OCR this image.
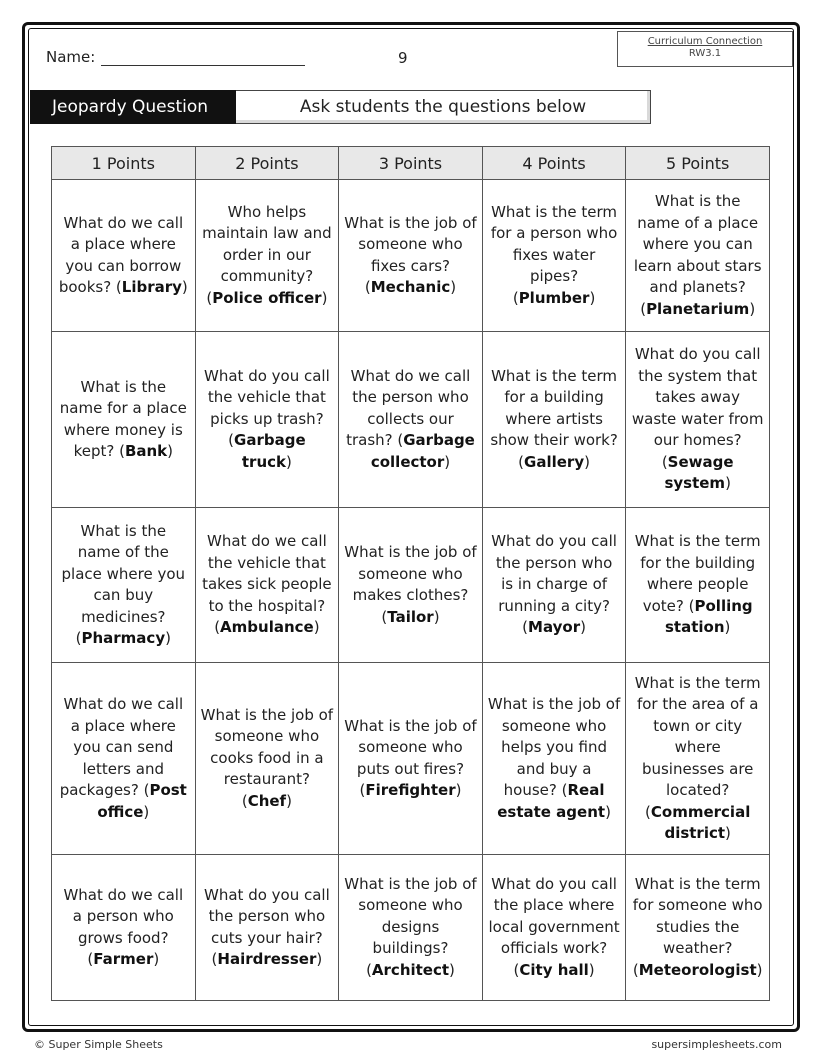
Curriculum Connection
RW3.1
Name:	9
Jeopardy Question	Ask students the questions below
1 Points	2 Points	3 Points	4 Points	5 Points
What do we call a place where you can borrow books? (Library)	Who helps maintain law and order in our community? (Police officer)	What is the job of someone who fixes cars? (Mechanic)	What is the term for a person who fixes water pipes? (Plumber)	What is the name of a place where you can learn about stars and planets? (Planetarium)
What is the name for a place where money is kept? (Bank)	What do you call the vehicle that picks up trash? (Garbage truck)	What do we call the person who collects our trash? (Garbage collector)	What is the term for a building where artists show their work? (Gallery)	What do you call the system that takes away waste water from our homes? (Sewage system)
What is the name of the place where you can buy medicines? (Pharmacy)	What do we call the vehicle that takes sick people to the hospital? (Ambulance)	What is the job of someone who makes clothes? (Tailor)	What do you call the person who is in charge of running a city? (Mayor)	What is the term for the building where people vote? (Polling station)
What do we call a place where you can send letters and packages? (Post office)	What is the job of someone who cooks food in a restaurant? (Chef)	What is the job of someone who puts out fires? (Firefighter)	What is the job of someone who helps you find and buy a house? (Real estate agent)	What is the term for the area of a town or city where businesses are located? (Commercial district)
What do we call a person who grows food? (Farmer)	What do you call the person who cuts your hair? (Hairdresser)	What is the job of someone who designs buildings? (Architect)	What do you call the place where local government officials work? (City hall)	What is the term for someone who studies the weather? (Meteorologist)
© Super Simple Sheets	supersimplesheets.com
